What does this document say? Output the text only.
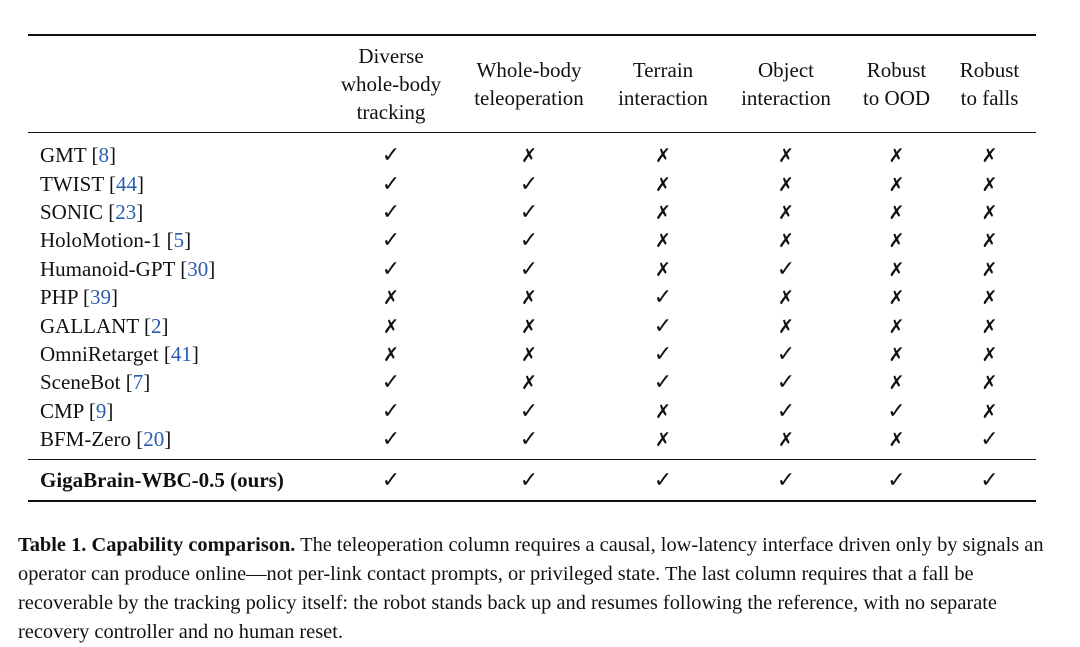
	Diverse
whole-body
tracking	Whole-body
teleoperation	Terrain
interaction	Object
interaction	Robust
to OOD	Robust
to falls
GMT [8]	✓	✗	✗	✗	✗	✗
TWIST [44]	✓	✓	✗	✗	✗	✗
SONIC [23]	✓	✓	✗	✗	✗	✗
HoloMotion-1 [5]	✓	✓	✗	✗	✗	✗
Humanoid-GPT [30]	✓	✓	✗	✓	✗	✗
PHP [39]	✗	✗	✓	✗	✗	✗
GALLANT [2]	✗	✗	✓	✗	✗	✗
OmniRetarget [41]	✗	✗	✓	✓	✗	✗
SceneBot [7]	✓	✗	✓	✓	✗	✗
CMP [9]	✓	✓	✗	✓	✓	✗
BFM-Zero [20]	✓	✓	✗	✗	✗	✓
GigaBrain-WBC-0.5 (ours)	✓	✓	✓	✓	✓	✓

Table 1. Capability comparison. The teleoperation column requires a causal, low-latency interface driven only by signals an operator can produce online—not per-link contact prompts, or privileged state. The last column requires that a fall be recoverable by the tracking policy itself: the robot stands back up and resumes following the reference, with no separate recovery controller and no human reset.
